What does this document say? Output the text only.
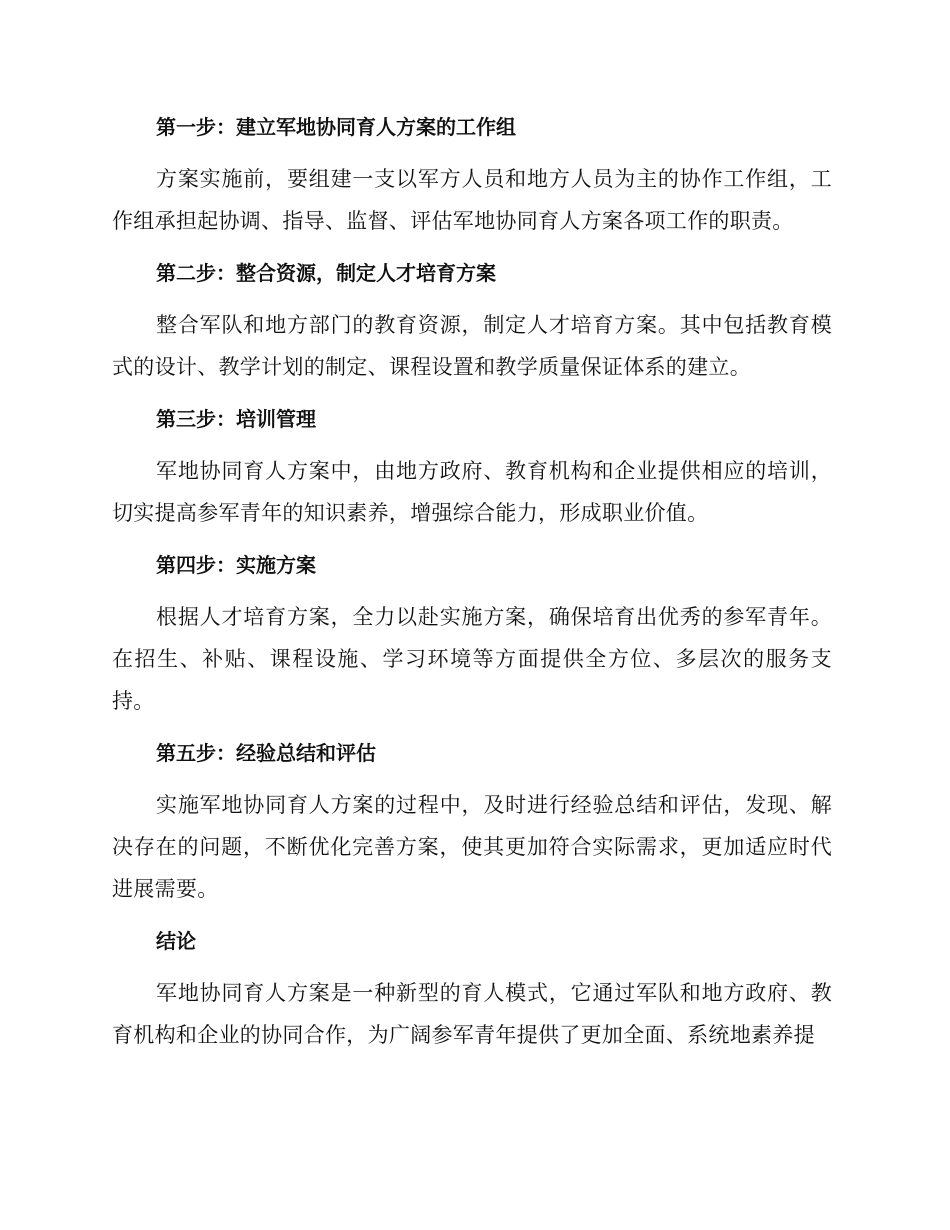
第一步：建立军地协同育人方案的工作组

方案实施前，要组建一支以军方人员和地方人员为主的协作工作组，工作组承担起协调、指导、监督、评估军地协同育人方案各项工作的职责。

第二步：整合资源，制定人才培育方案

整合军队和地方部门的教育资源，制定人才培育方案。其中包括教育模式的设计、教学计划的制定、课程设置和教学质量保证体系的建立。

第三步：培训管理

军地协同育人方案中，由地方政府、教育机构和企业提供相应的培训，切实提高参军青年的知识素养，增强综合能力，形成职业价值。

第四步：实施方案

根据人才培育方案，全力以赴实施方案，确保培育出优秀的参军青年。在招生、补贴、课程设施、学习环境等方面提供全方位、多层次的服务支持。

第五步：经验总结和评估

实施军地协同育人方案的过程中，及时进行经验总结和评估，发现、解决存在的问题，不断优化完善方案，使其更加符合实际需求，更加适应时代进展需要。

结论

军地协同育人方案是一种新型的育人模式，它通过军队和地方政府、教育机构和企业的协同合作，为广阔参军青年提供了更加全面、系统地素养提
